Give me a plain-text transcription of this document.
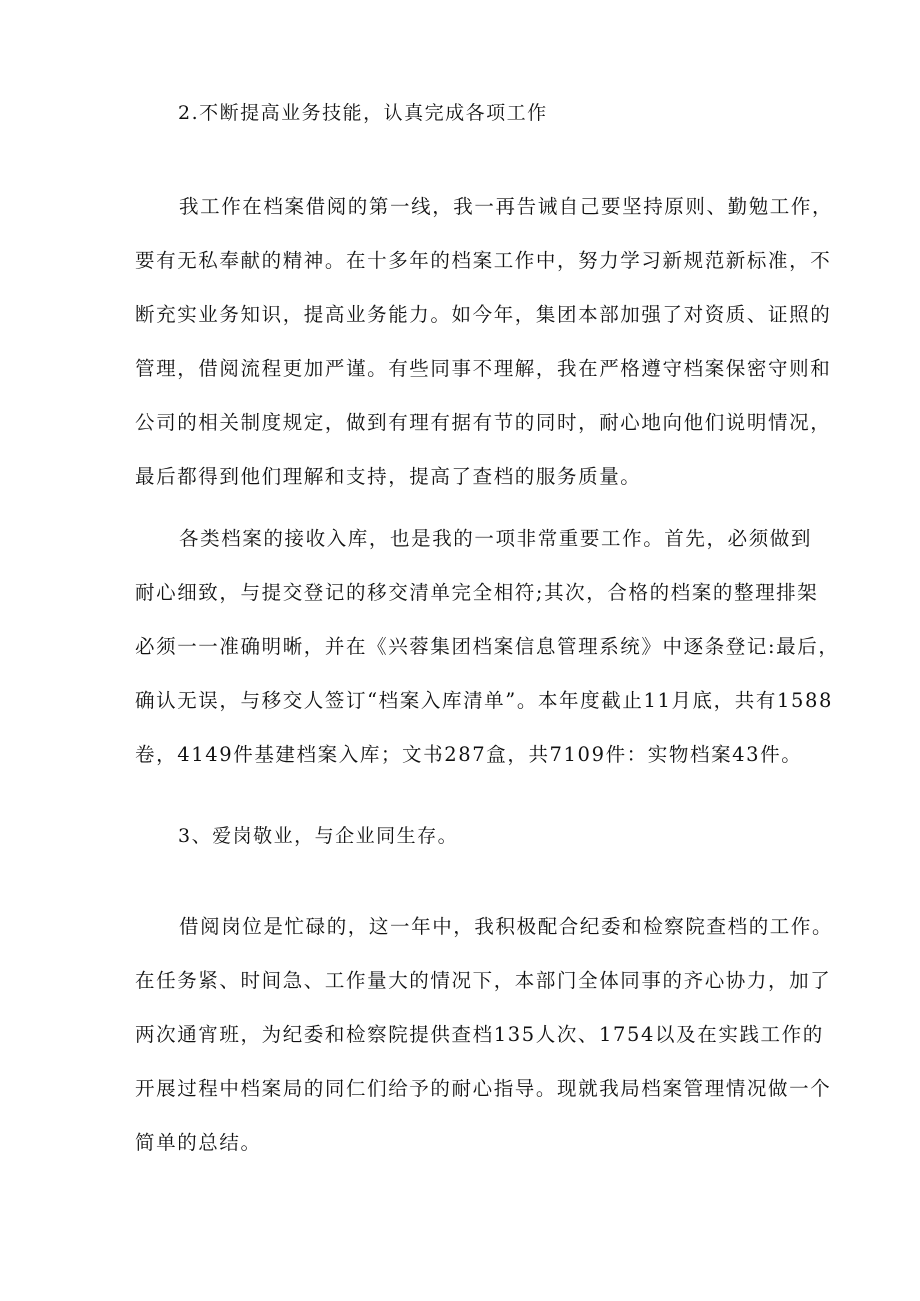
2.不断提高业务技能，认真完成各项工作
我工作在档案借阅的第一线，我一再告诫自己要坚持原则、勤勉工作，
要有无私奉献的精神。在十多年的档案工作中，努力学习新规范新标准，不
断充实业务知识，提高业务能力。如今年，集团本部加强了对资质、证照的
管理，借阅流程更加严谨。有些同事不理解，我在严格遵守档案保密守则和
公司的相关制度规定，做到有理有据有节的同时，耐心地向他们说明情况，
最后都得到他们理解和支持，提高了查档的服务质量。
各类档案的接收入库，也是我的一项非常重要工作。首先，必须做到
耐心细致，与提交登记的移交清单完全相符;其次，合格的档案的整理排架
必须一一准确明晰，并在《兴蓉集团档案信息管理系统》中逐条登记:最后，
确认无误，与移交人签订“档案入库清单”。本年度截止11月底，共有1588
卷，4149件基建档案入库；文书287盒，共7109件：实物档案43件。
3、爱岗敬业，与企业同生存。
借阅岗位是忙碌的，这一年中，我积极配合纪委和检察院查档的工作。
在任务紧、时间急、工作量大的情况下，本部门全体同事的齐心协力，加了
两次通宵班，为纪委和检察院提供查档135人次、1754以及在实践工作的
开展过程中档案局的同仁们给予的耐心指导。现就我局档案管理情况做一个
简单的总结。
